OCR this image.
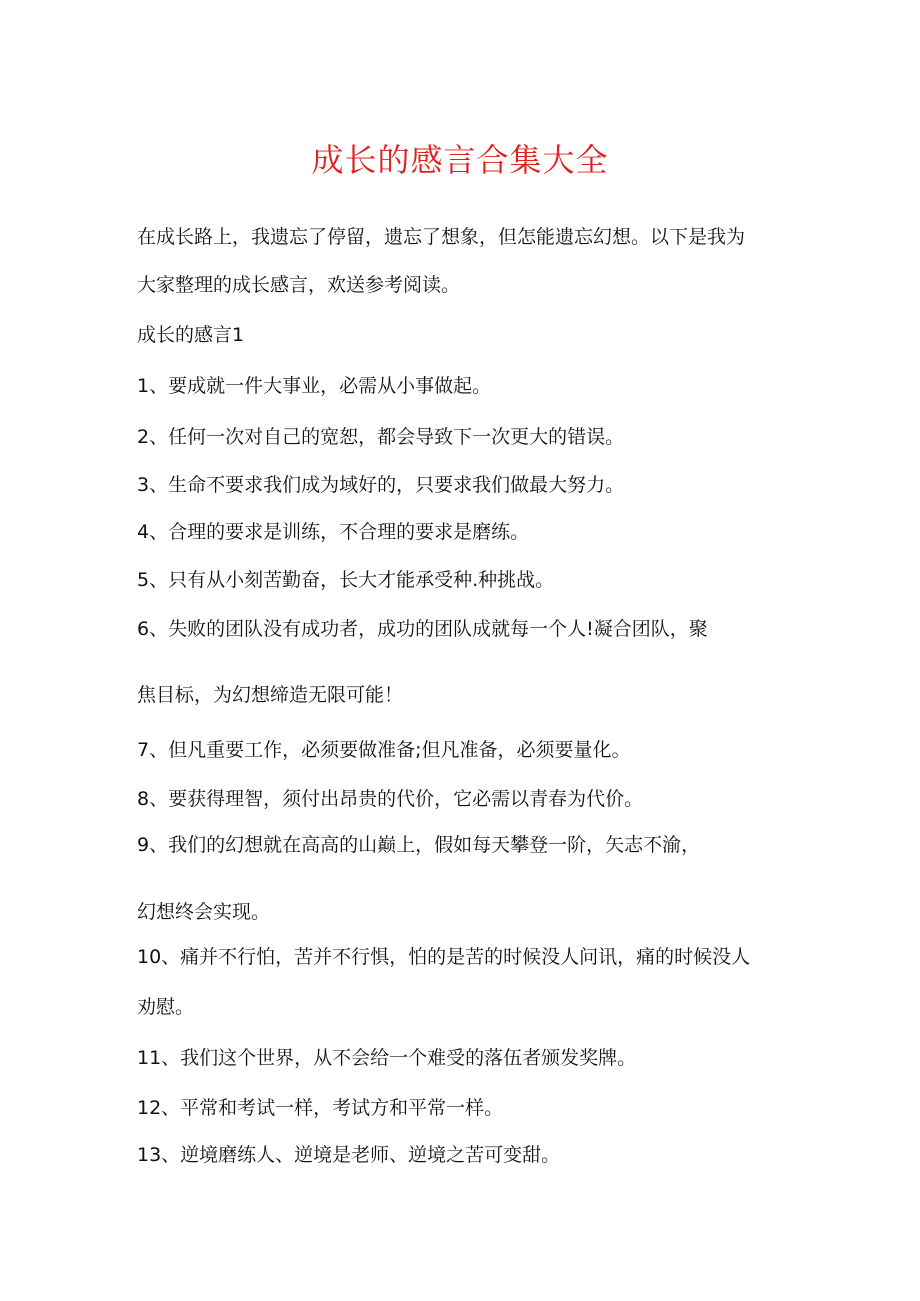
成长的感言合集大全
在成长路上，我遗忘了停留，遗忘了想象，但怎能遗忘幻想。以下是我为
大家整理的成长感言，欢送参考阅读。
成长的感言1
1、要成就一件大事业，必需从小事做起。
2、任何一次对自己的宽恕，都会导致下一次更大的错误。
3、生命不要求我们成为域好的，只要求我们做最大努力。
4、合理的要求是训练，不合理的要求是磨练。
5、只有从小刻苦勤奋，长大才能承受种.种挑战。
6、失败的团队没有成功者，成功的团队成就每一个人!凝合团队，聚
焦目标，为幻想缔造无限可能！
7、但凡重要工作，必须要做准备;但凡准备，必须要量化。
8、要获得理智，须付出昂贵的代价，它必需以青春为代价。
9、我们的幻想就在高高的山巅上，假如每天攀登一阶，矢志不渝，
幻想终会实现。
10、痛并不行怕，苦并不行惧，怕的是苦的时候没人问讯，痛的时候没人
劝慰。
11、我们这个世界，从不会给一个难受的落伍者颁发奖牌。
12、平常和考试一样，考试方和平常一样。
13、逆境磨练人、逆境是老师、逆境之苦可变甜。
